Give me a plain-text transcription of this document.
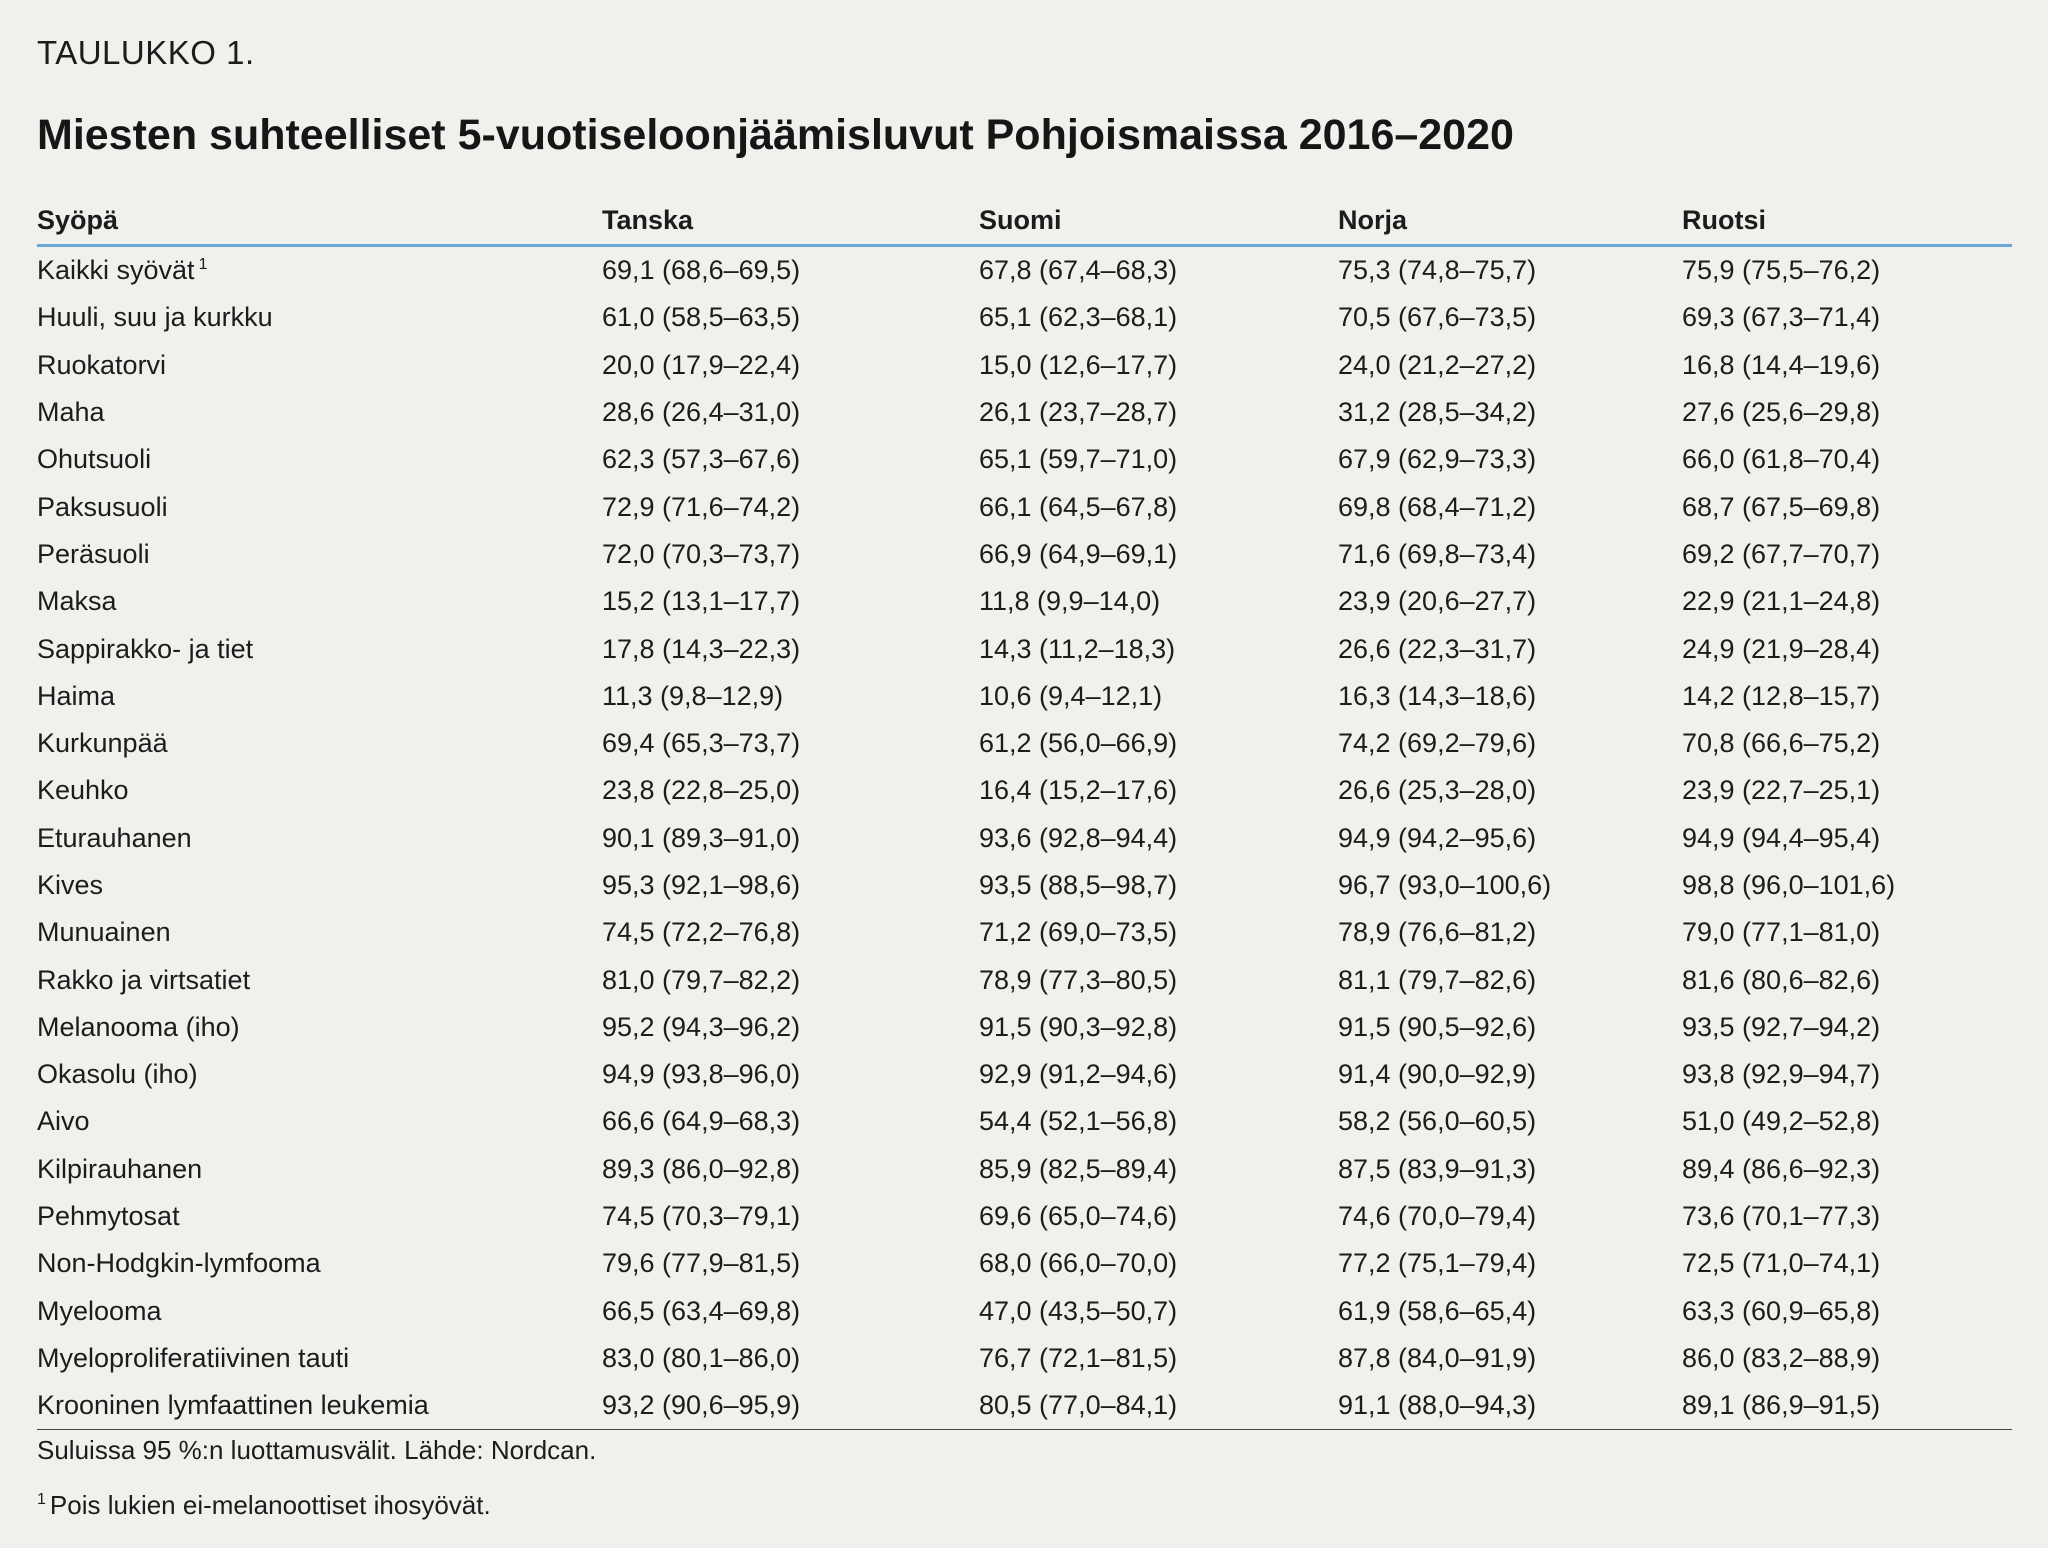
TAULUKKO 1.
Miesten suhteelliset 5-vuotiseloonjäämisluvut Pohjoismaissa 2016–2020
Syöpä	Tanska	Suomi	Norja	Ruotsi
Kaikki syövät $^1$	69,1 (68,6–69,5)	67,8 (67,4–68,3)	75,3 (74,8–75,7)	75,9 (75,5–76,2)
Huuli, suu ja kurkku	61,0 (58,5–63,5)	65,1 (62,3–68,1)	70,5 (67,6–73,5)	69,3 (67,3–71,4)
Ruokatorvi	20,0 (17,9–22,4)	15,0 (12,6–17,7)	24,0 (21,2–27,2)	16,8 (14,4–19,6)
Maha	28,6 (26,4–31,0)	26,1 (23,7–28,7)	31,2 (28,5–34,2)	27,6 (25,6–29,8)
Ohutsuoli	62,3 (57,3–67,6)	65,1 (59,7–71,0)	67,9 (62,9–73,3)	66,0 (61,8–70,4)
Paksusuoli	72,9 (71,6–74,2)	66,1 (64,5–67,8)	69,8 (68,4–71,2)	68,7 (67,5–69,8)
Peräsuoli	72,0 (70,3–73,7)	66,9 (64,9–69,1)	71,6 (69,8–73,4)	69,2 (67,7–70,7)
Maksa	15,2 (13,1–17,7)	11,8 (9,9–14,0)	23,9 (20,6–27,7)	22,9 (21,1–24,8)
Sappirakko- ja tiet	17,8 (14,3–22,3)	14,3 (11,2–18,3)	26,6 (22,3–31,7)	24,9 (21,9–28,4)
Haima	11,3 (9,8–12,9)	10,6 (9,4–12,1)	16,3 (14,3–18,6)	14,2 (12,8–15,7)
Kurkunpää	69,4 (65,3–73,7)	61,2 (56,0–66,9)	74,2 (69,2–79,6)	70,8 (66,6–75,2)
Keuhko	23,8 (22,8–25,0)	16,4 (15,2–17,6)	26,6 (25,3–28,0)	23,9 (22,7–25,1)
Eturauhanen	90,1 (89,3–91,0)	93,6 (92,8–94,4)	94,9 (94,2–95,6)	94,9 (94,4–95,4)
Kives	95,3 (92,1–98,6)	93,5 (88,5–98,7)	96,7 (93,0–100,6)	98,8 (96,0–101,6)
Munuainen	74,5 (72,2–76,8)	71,2 (69,0–73,5)	78,9 (76,6–81,2)	79,0 (77,1–81,0)
Rakko ja virtsatiet	81,0 (79,7–82,2)	78,9 (77,3–80,5)	81,1 (79,7–82,6)	81,6 (80,6–82,6)
Melanooma (iho)	95,2 (94,3–96,2)	91,5 (90,3–92,8)	91,5 (90,5–92,6)	93,5 (92,7–94,2)
Okasolu (iho)	94,9 (93,8–96,0)	92,9 (91,2–94,6)	91,4 (90,0–92,9)	93,8 (92,9–94,7)
Aivo	66,6 (64,9–68,3)	54,4 (52,1–56,8)	58,2 (56,0–60,5)	51,0 (49,2–52,8)
Kilpirauhanen	89,3 (86,0–92,8)	85,9 (82,5–89,4)	87,5 (83,9–91,3)	89,4 (86,6–92,3)
Pehmytosat	74,5 (70,3–79,1)	69,6 (65,0–74,6)	74,6 (70,0–79,4)	73,6 (70,1–77,3)
Non-Hodgkin-lymfooma	79,6 (77,9–81,5)	68,0 (66,0–70,0)	77,2 (75,1–79,4)	72,5 (71,0–74,1)
Myelooma	66,5 (63,4–69,8)	47,0 (43,5–50,7)	61,9 (58,6–65,4)	63,3 (60,9–65,8)
Myeloproliferatiivinen tauti	83,0 (80,1–86,0)	76,7 (72,1–81,5)	87,8 (84,0–91,9)	86,0 (83,2–88,9)
Krooninen lymfaattinen leukemia	93,2 (90,6–95,9)	80,5 (77,0–84,1)	91,1 (88,0–94,3)	89,1 (86,9–91,5)
Suluissa 95 %:n luottamusvälit. Lähde: Nordcan.
$^1$ Pois lukien ei-melanoottiset ihosyövät.
